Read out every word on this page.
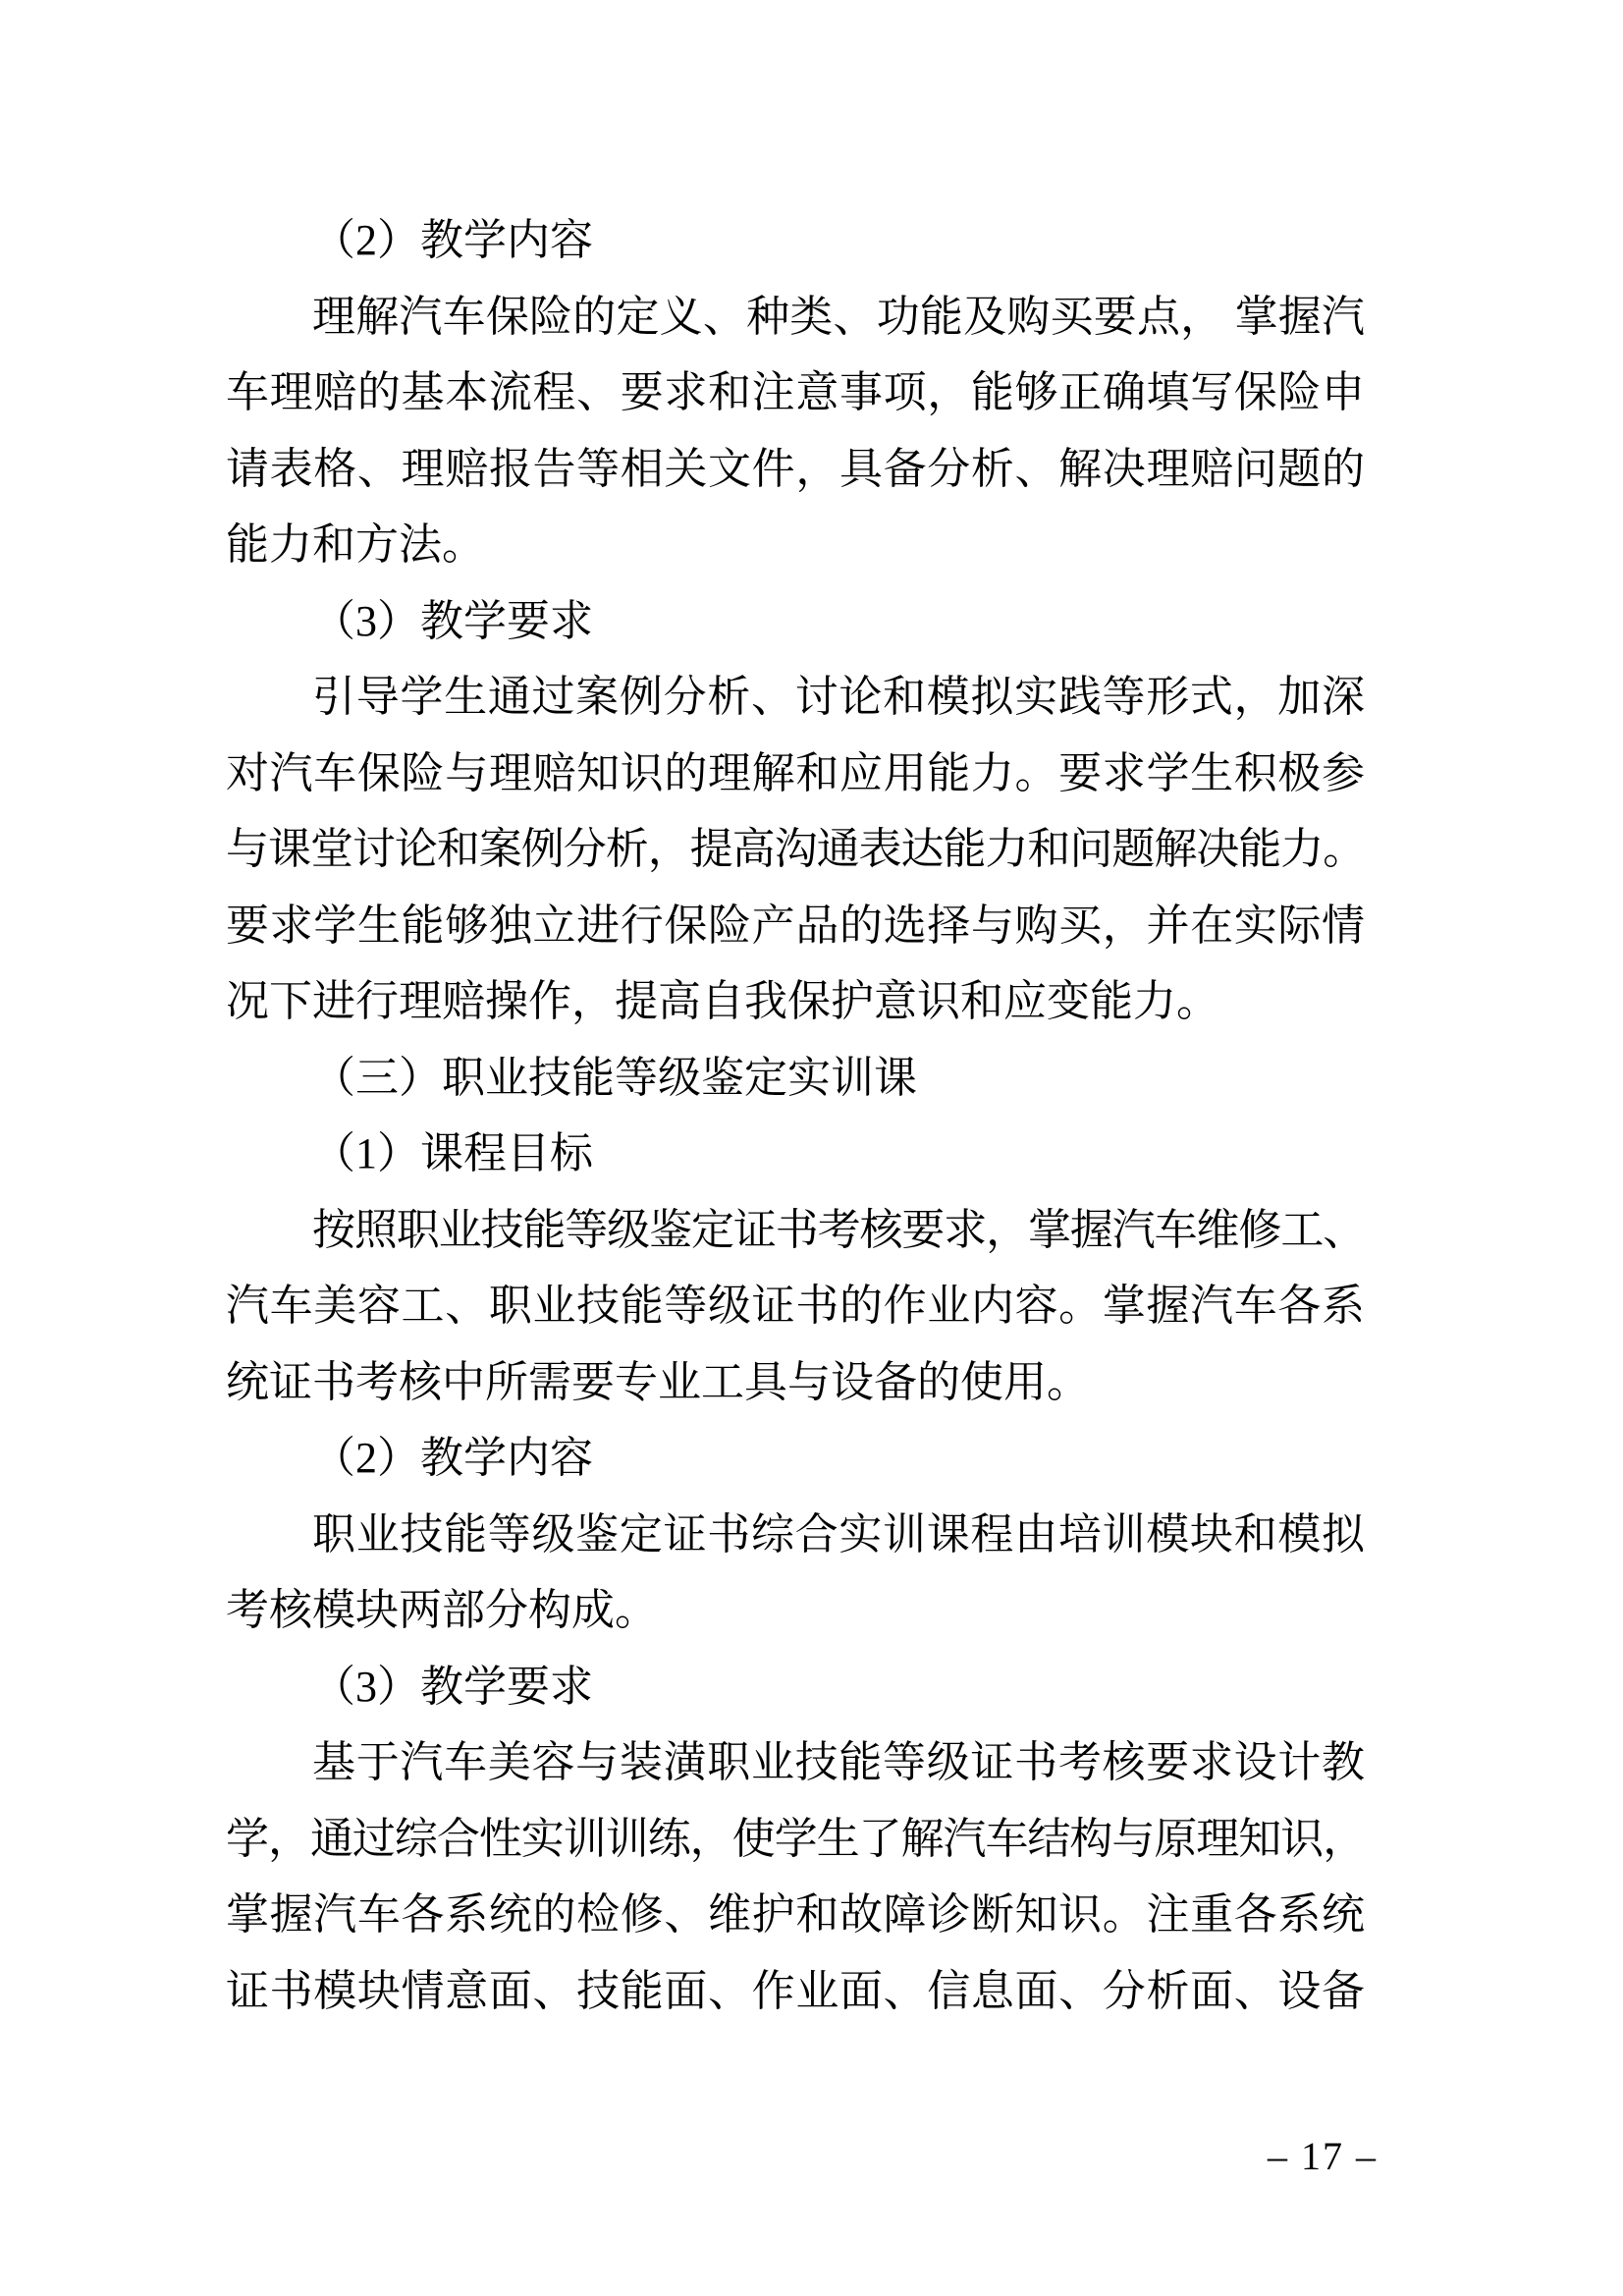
（2）教学内容
理解汽车保险的定义、种类、功能及购买要点， 掌握汽
车理赔的基本流程、要求和注意事项，能够正确填写保险申
请表格、理赔报告等相关文件，具备分析、解决理赔问题的
能力和方法。
（3）教学要求
引导学生通过案例分析、讨论和模拟实践等形式，加深
对汽车保险与理赔知识的理解和应用能力。要求学生积极参
与课堂讨论和案例分析，提高沟通表达能力和问题解决能力。
要求学生能够独立进行保险产品的选择与购买，并在实际情
况下进行理赔操作，提高自我保护意识和应变能力。
（三）职业技能等级鉴定实训课
（1）课程目标
按照职业技能等级鉴定证书考核要求，掌握汽车维修工、
汽车美容工、职业技能等级证书的作业内容。掌握汽车各系
统证书考核中所需要专业工具与设备的使用。
（2）教学内容
职业技能等级鉴定证书综合实训课程由培训模块和模拟
考核模块两部分构成。
（3）教学要求
基于汽车美容与装潢职业技能等级证书考核要求设计教
学，通过综合性实训训练，使学生了解汽车结构与原理知识，
掌握汽车各系统的检修、维护和故障诊断知识。注重各系统
证书模块情意面、技能面、作业面、信息面、分析面、设备
– 17 –
